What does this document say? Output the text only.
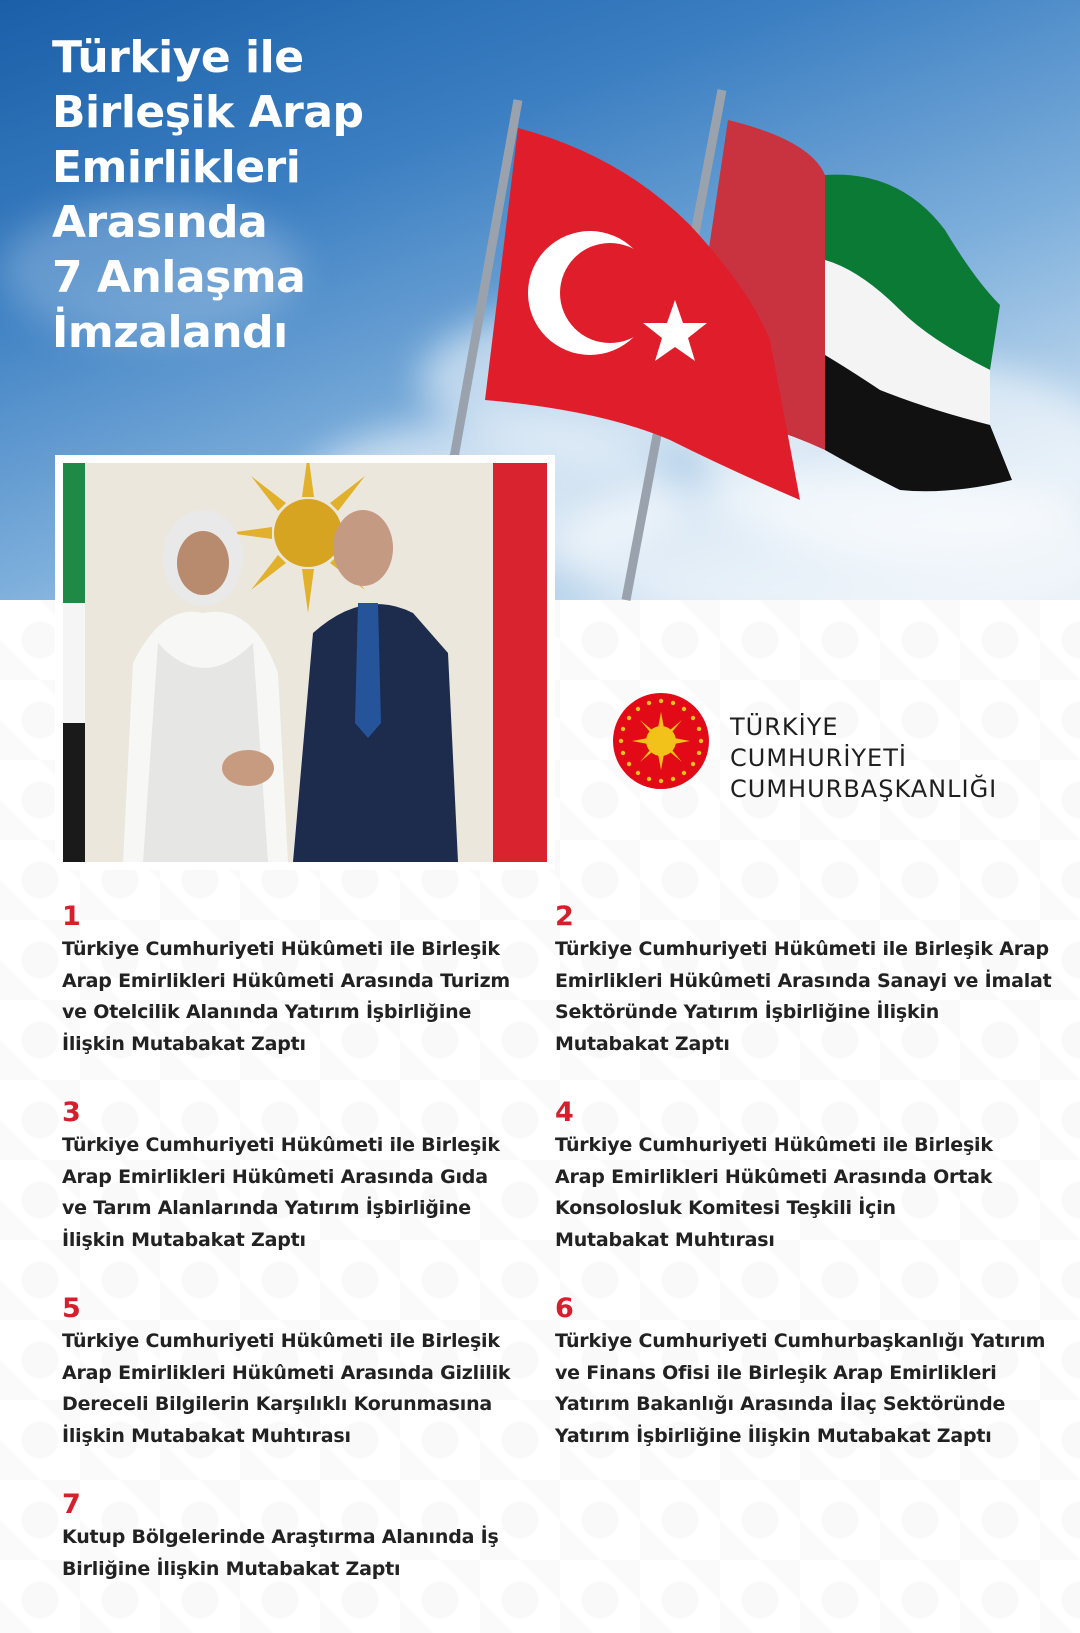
Türkiye ile
Birleşik Arap
Emirlikleri
Arasında
7 Anlaşma
İmzalandı
TÜRKİYE CUMHURİYETİ
CUMHURBAŞKANLIĞI
1
Türkiye Cumhuriyeti Hükûmeti ile Birleşik Arap Emirlikleri Hükûmeti Arasında Turizm ve Otelcilik Alanında Yatırım İşbirliğine İlişkin Mutabakat Zaptı
2
Türkiye Cumhuriyeti Hükûmeti ile Birleşik Arap Emirlikleri Hükûmeti Arasında Sanayi ve İmalat Sektöründe Yatırım İşbirliğine İlişkin Mutabakat Zaptı
3
Türkiye Cumhuriyeti Hükûmeti ile Birleşik Arap Emirlikleri Hükûmeti Arasında Gıda ve Tarım Alanlarında Yatırım İşbirliğine İlişkin Mutabakat Zaptı
4
Türkiye Cumhuriyeti Hükûmeti ile Birleşik Arap Emirlikleri Hükûmeti Arasında Ortak Konsolosluk Komitesi Teşkili İçin Mutabakat Muhtırası
5
Türkiye Cumhuriyeti Hükûmeti ile Birleşik Arap Emirlikleri Hükûmeti Arasında Gizlilik Dereceli Bilgilerin Karşılıklı Korunmasına İlişkin Mutabakat Muhtırası
6
Türkiye Cumhuriyeti Cumhurbaşkanlığı Yatırım ve Finans Ofisi ile Birleşik Arap Emirlikleri Yatırım Bakanlığı Arasında İlaç Sektöründe Yatırım İşbirliğine İlişkin Mutabakat Zaptı
7
Kutup Bölgelerinde Araştırma Alanında İş Birliğine İlişkin Mutabakat Zaptı
